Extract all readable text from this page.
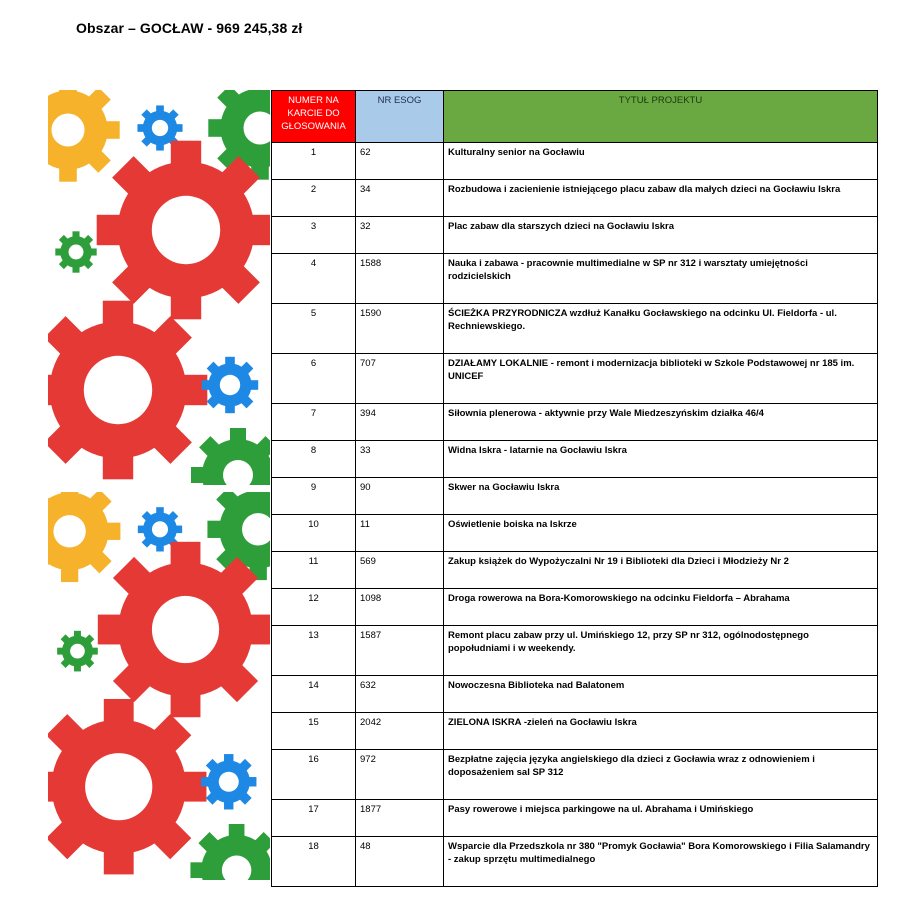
Obszar – GOCŁAW - 969 245,38 zł
NUMER NA KARCIE DO GŁOSOWANIA	NR ESOG	TYTUŁ PROJEKTU
1	62	Kulturalny senior na Gocławiu
2	34	Rozbudowa i zacienienie istniejącego placu zabaw dla małych dzieci na Gocławiu Iskra
3	32	Plac zabaw dla starszych dzieci na Gocławiu Iskra
4	1588	Nauka i zabawa - pracownie multimedialne w SP nr 312 i warsztaty umiejętności rodzicielskich
5	1590	ŚCIEŻKA PRZYRODNICZA wzdłuż Kanałku Gocławskiego na odcinku Ul. Fieldorfa - ul. Rechniewskiego.
6	707	DZIAŁAMY LOKALNIE - remont i modernizacja biblioteki w Szkole Podstawowej nr 185 im. UNICEF
7	394	Siłownia plenerowa - aktywnie przy Wale Miedzeszyńskim działka 46/4
8	33	Widna Iskra - latarnie na Gocławiu Iskra
9	90	Skwer na Gocławiu Iskra
10	11	Oświetlenie boiska na Iskrze
11	569	Zakup książek do Wypożyczalni Nr 19 i Biblioteki dla Dzieci i Młodzieży Nr 2
12	1098	Droga rowerowa na Bora-Komorowskiego na odcinku Fieldorfa – Abrahama
13	1587	Remont placu zabaw przy ul. Umińskiego 12, przy SP nr 312, ogólnodostępnego popołudniami i w weekendy.
14	632	Nowoczesna Biblioteka nad Balatonem
15	2042	ZIELONA ISKRA -zieleń na Gocławiu Iskra
16	972	Bezpłatne zajęcia języka angielskiego dla dzieci z Gocławia wraz z odnowieniem i doposażeniem sal SP 312
17	1877	Pasy rowerowe i miejsca parkingowe na ul. Abrahama i Umińskiego
18	48	Wsparcie dla Przedszkola nr 380 "Promyk Gocławia" Bora Komorowskiego i Filia Salamandry - zakup sprzętu multimedialnego
